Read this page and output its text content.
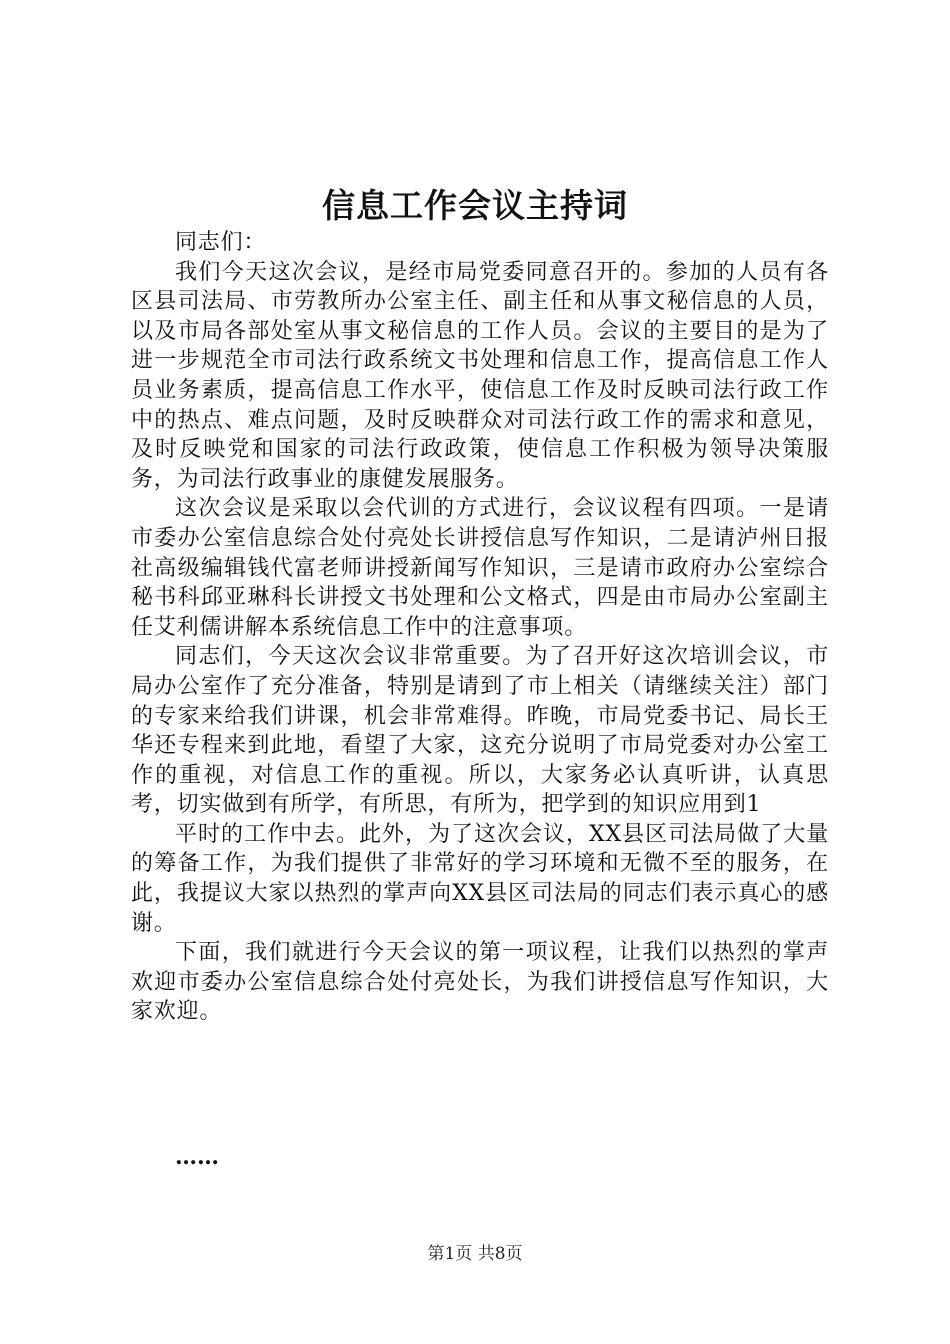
信息工作会议主持词

同志们：

我们今天这次会议，是经市局党委同意召开的。参加的人员有各区县司法局、市劳教所办公室主任、副主任和从事文秘信息的人员，以及市局各部处室从事文秘信息的工作人员。会议的主要目的是为了进一步规范全市司法行政系统文书处理和信息工作，提高信息工作人员业务素质，提高信息工作水平，使信息工作及时反映司法行政工作中的热点、难点问题，及时反映群众对司法行政工作的需求和意见，及时反映党和国家的司法行政政策，使信息工作积极为领导决策服务，为司法行政事业的康健发展服务。

这次会议是采取以会代训的方式进行，会议议程有四项。一是请市委办公室信息综合处付亮处长讲授信息写作知识，二是请泸州日报社高级编辑钱代富老师讲授新闻写作知识，三是请市政府办公室综合秘书科邱亚琳科长讲授文书处理和公文格式，四是由市局办公室副主任艾利儒讲解本系统信息工作中的注意事项。

同志们，今天这次会议非常重要。为了召开好这次培训会议，市局办公室作了充分准备，特别是请到了市上相关（请继续关注）部门的专家来给我们讲课，机会非常难得。昨晚，市局党委书记、局长王华还专程来到此地，看望了大家，这充分说明了市局党委对办公室工作的重视，对信息工作的重视。所以，大家务必认真听讲，认真思考，切实做到有所学，有所思，有所为，把学到的知识应用到1

平时的工作中去。此外，为了这次会议，XX县区司法局做了大量的筹备工作，为我们提供了非常好的学习环境和无微不至的服务，在此，我提议大家以热烈的掌声向XX县区司法局的同志们表示真心的感谢。

下面，我们就进行今天会议的第一项议程，让我们以热烈的掌声欢迎市委办公室信息综合处付亮处长，为我们讲授信息写作知识，大家欢迎。

……
第1页 共8页
